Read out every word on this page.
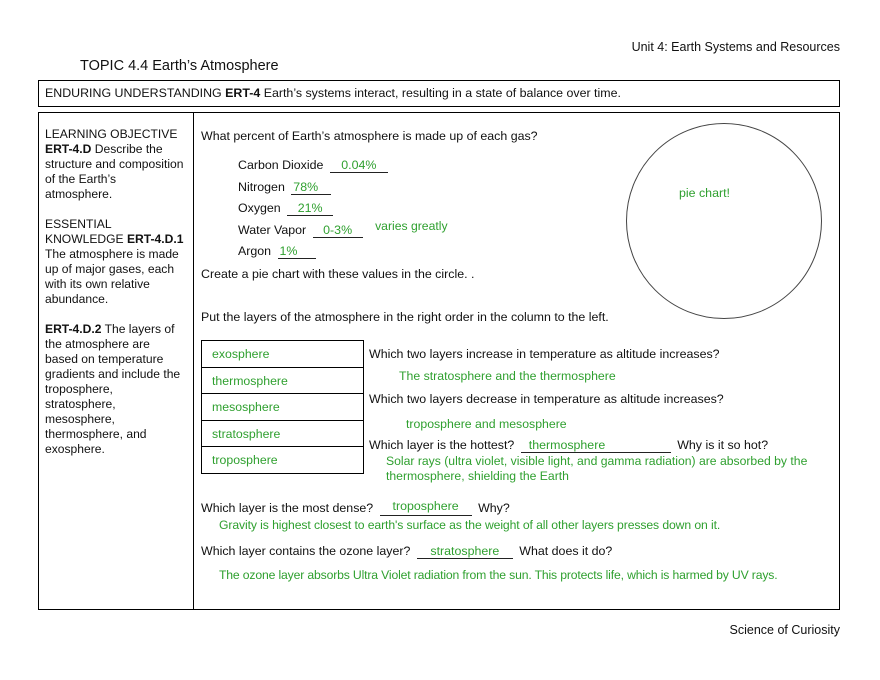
Unit 4: Earth Systems and Resources
TOPIC 4.4 Earth’s Atmosphere
ENDURING UNDERSTANDING ERT-4 Earth’s systems interact, resulting in a state of balance over time.

LEARNING OBJECTIVE
ERT-4.D Describe the structure and composition of the Earth’s atmosphere.

ESSENTIAL KNOWLEDGE ERT-4.D.1 The atmosphere is made up of major gases, each with its own relative abundance.

ERT-4.D.2 The layers of the atmosphere are based on temperature gradients and include the troposphere, stratosphere, mesosphere, thermosphere, and exosphere.

What percent of Earth’s atmosphere is made up of each gas?
Carbon Dioxide 0.04%
Nitrogen 78%
Oxygen 21%
Water Vapor 0-3% varies greatly
Argon 1%
Create a pie chart with these values in the circle. .
pie chart!
Put the layers of the atmosphere in the right order in the column to the left.
exosphere
thermosphere
mesosphere
stratosphere
troposphere
Which two layers increase in temperature as altitude increases?
The stratosphere and the thermosphere
Which two layers decrease in temperature as altitude increases?
troposphere and mesosphere
Which layer is the hottest? thermosphere	Why is it so hot?
Solar rays (ultra violet, visible light, and gamma radiation) are absorbed by the thermosphere, shielding the Earth
Which layer is the most dense? troposphere Why?
Gravity is highest closest to earth's surface as the weight of all other layers presses down on it.
Which layer contains the ozone layer? stratosphere What does it do?
The ozone layer absorbs Ultra Violet radiation from the sun. This protects life, which is harmed by UV rays.
Science of Curiosity
